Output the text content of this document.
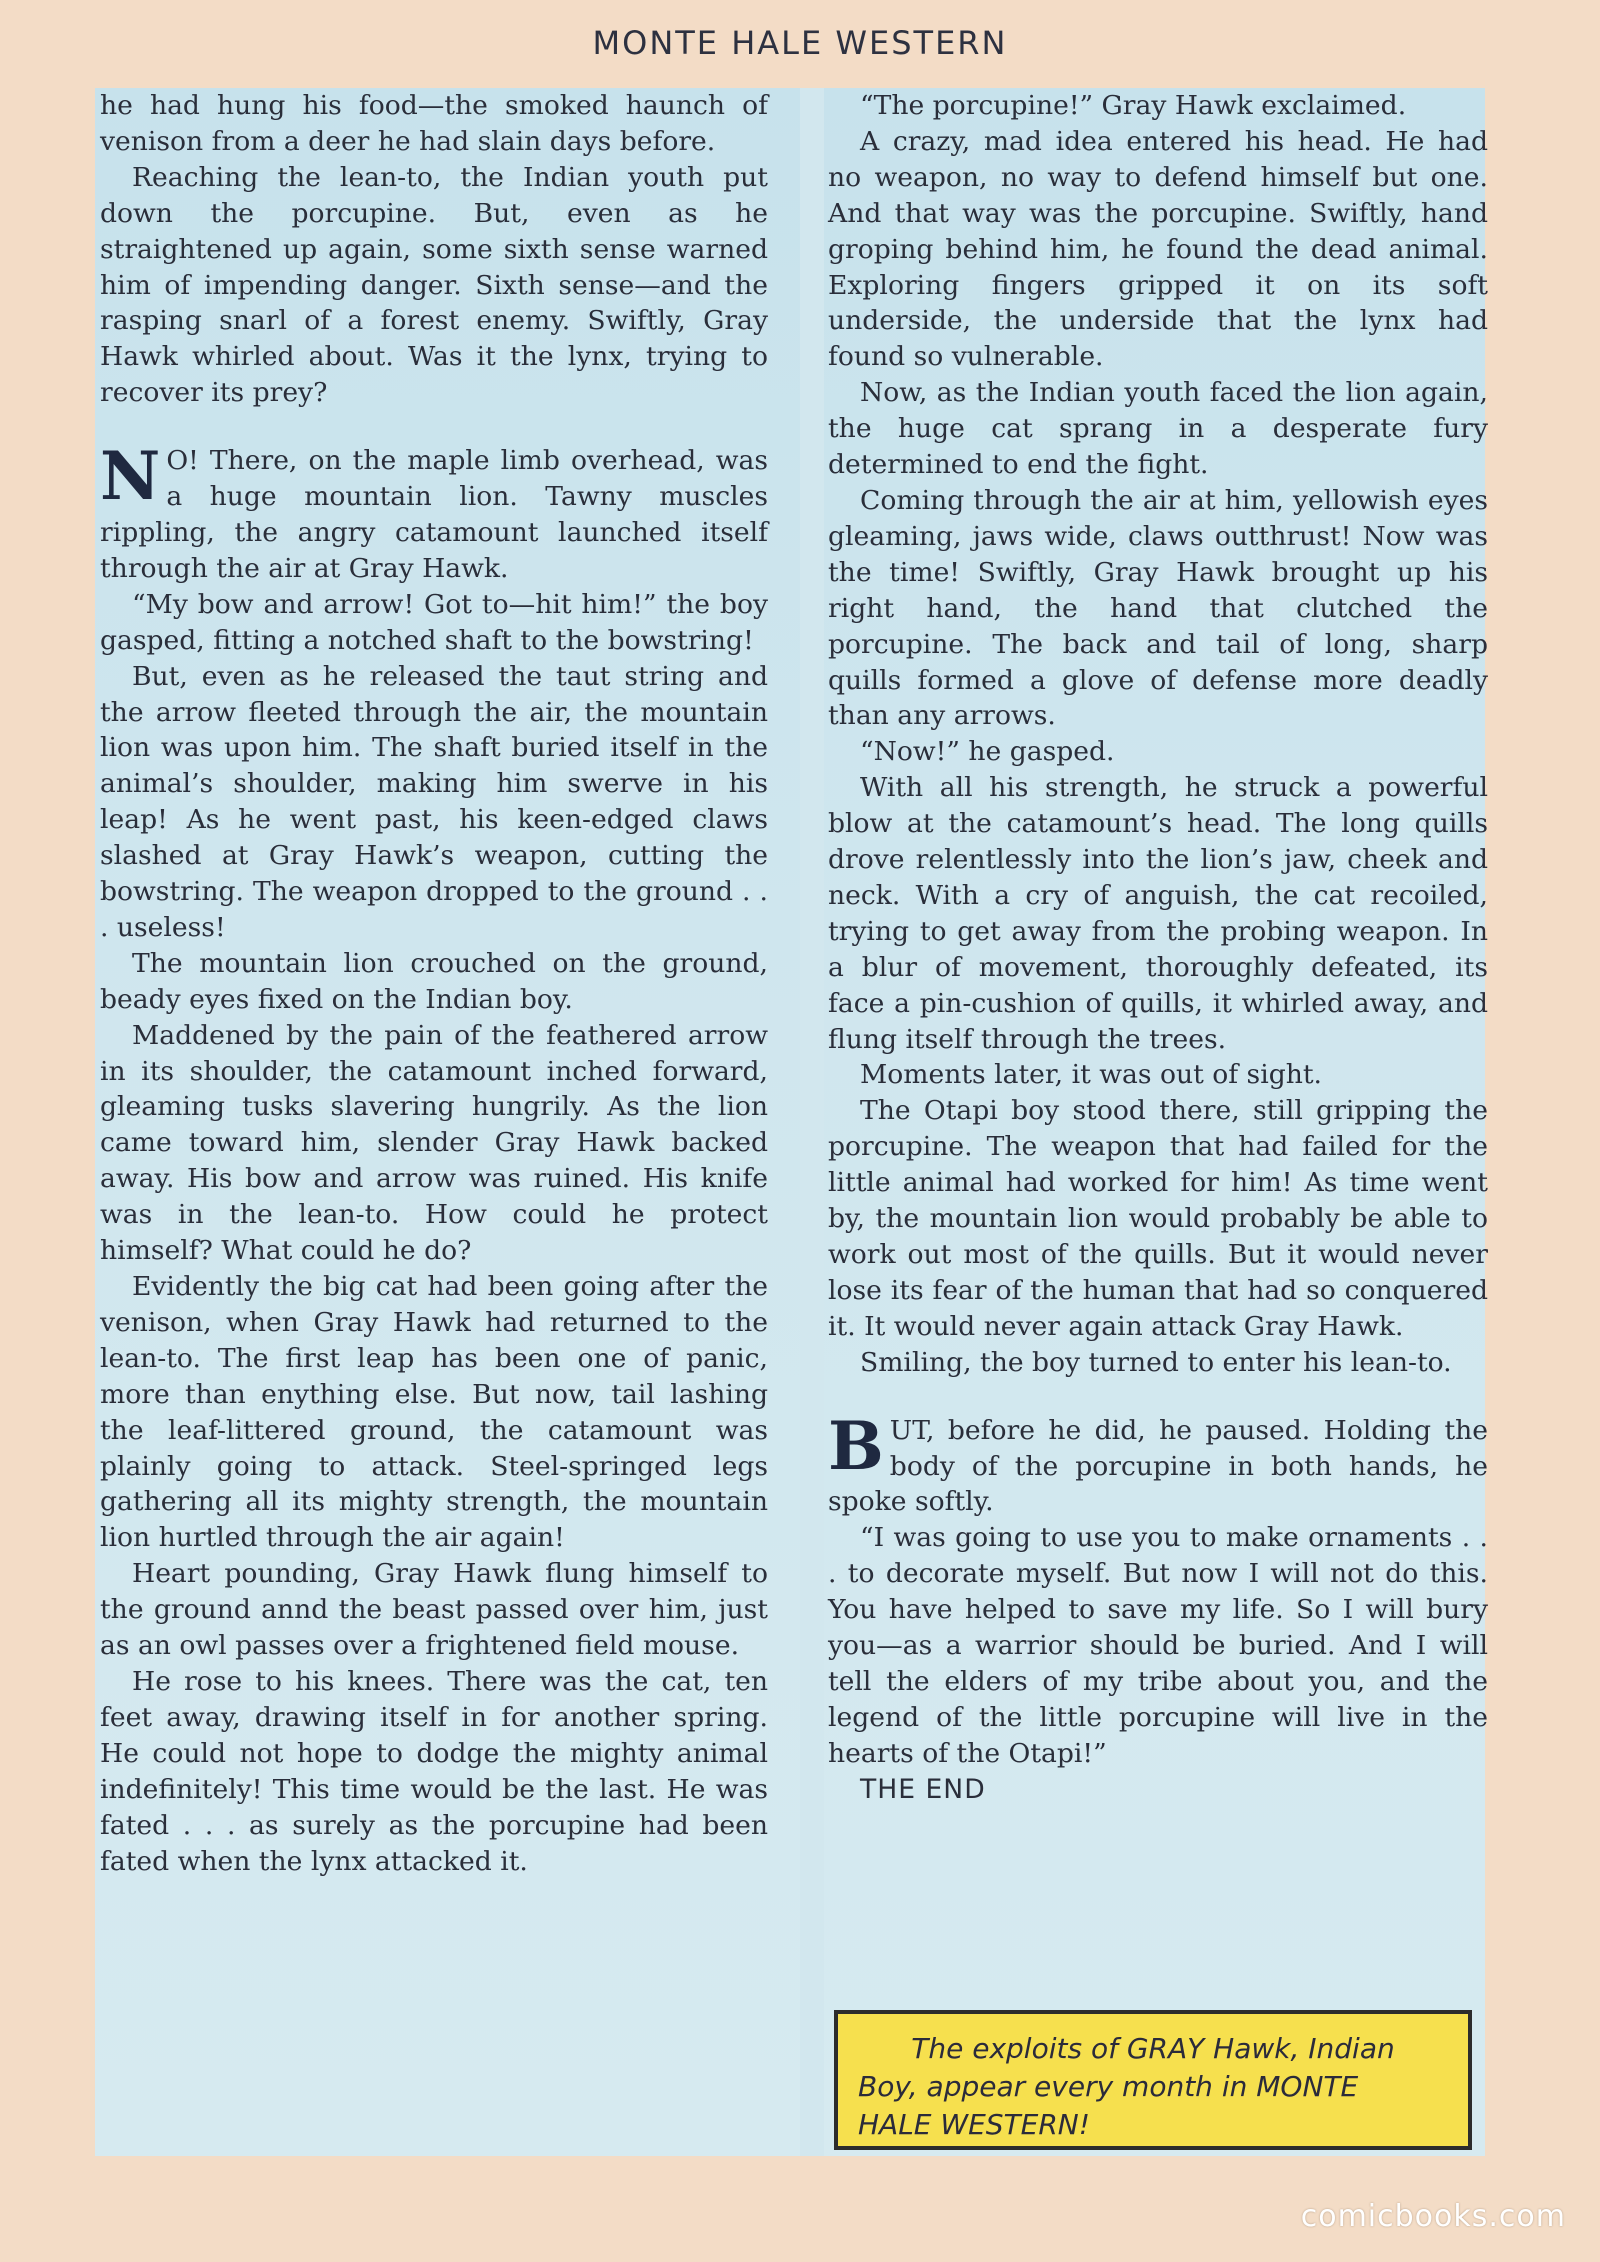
MONTE HALE WESTERN

he had hung his food—the smoked haunch of venison from a deer he had slain days before.

Reaching the lean-to, the Indian youth put down the porcupine. But, even as he straightened up again, some sixth sense warned him of impending danger. Sixth sense—and the rasping snarl of a forest enemy. Swiftly, Gray Hawk whirled about. Was it the lynx, trying to recover its prey?

N O! There, on the maple limb overhead, was a huge mountain lion. Tawny muscles rippling, the angry catamount launched itself through the air at Gray Hawk.

“My bow and arrow! Got to—hit him!” the boy gasped, fitting a notched shaft to the bowstring!

But, even as he released the taut string and the arrow fleeted through the air, the mountain lion was upon him. The shaft buried itself in the animal’s shoulder, making him swerve in his leap! As he went past, his keen-edged claws slashed at Gray Hawk’s weapon, cutting the bowstring. The weapon dropped to the ground . . . useless!

The mountain lion crouched on the ground, beady eyes fixed on the Indian boy.

Maddened by the pain of the feathered arrow in its shoulder, the catamount inched forward, gleaming tusks slavering hungrily. As the lion came toward him, slender Gray Hawk backed away. His bow and arrow was ruined. His knife was in the lean-to. How could he protect himself? What could he do?

Evidently the big cat had been going after the venison, when Gray Hawk had returned to the lean-to. The first leap has been one of panic, more than enything else. But now, tail lashing the leaf-littered ground, the catamount was plainly going to attack. Steel-springed legs gathering all its mighty strength, the mountain lion hurtled through the air again!

Heart pounding, Gray Hawk flung himself to the ground annd the beast passed over him, just as an owl passes over a frightened field mouse.

He rose to his knees. There was the cat, ten feet away, drawing itself in for another spring. He could not hope to dodge the mighty animal indefinitely! This time would be the last. He was fated . . . as surely as the porcupine had been fated when the lynx attacked it.

“The porcupine!” Gray Hawk exclaimed.

A crazy, mad idea entered his head. He had no weapon, no way to defend himself but one. And that way was the porcupine. Swiftly, hand groping behind him, he found the dead animal. Exploring fingers gripped it on its soft underside, the underside that the lynx had found so vulnerable.

Now, as the Indian youth faced the lion again, the huge cat sprang in a desperate fury determined to end the fight.

Coming through the air at him, yellowish eyes gleaming, jaws wide, claws outthrust! Now was the time! Swiftly, Gray Hawk brought up his right hand, the hand that clutched the porcupine. The back and tail of long, sharp quills formed a glove of defense more deadly than any arrows.

“Now!” he gasped.

With all his strength, he struck a powerful blow at the catamount’s head. The long quills drove relentlessly into the lion’s jaw, cheek and neck. With a cry of anguish, the cat recoiled, trying to get away from the probing weapon. In a blur of movement, thoroughly defeated, its face a pin-cushion of quills, it whirled away, and flung itself through the trees.

Moments later, it was out of sight.

The Otapi boy stood there, still gripping the porcupine. The weapon that had failed for the little animal had worked for him! As time went by, the mountain lion would probably be able to work out most of the quills. But it would never lose its fear of the human that had so conquered it. It would never again attack Gray Hawk.

Smiling, the boy turned to enter his lean-to.

BUT, before he did, he paused. Holding the body of the porcupine in both hands, he spoke softly.

“I was going to use you to make ornaments . . . to decorate myself. But now I will not do this. You have helped to save my life. So I will bury you—as a warrior should be buried. And I will tell the elders of my tribe about you, and the legend of the little porcupine will live in the hearts of the Otapi!”

THE END

The exploits of GRAY Hawk, Indian
Boy, appear every month in MONTE
HALE WESTERN!
comicbooks.com
